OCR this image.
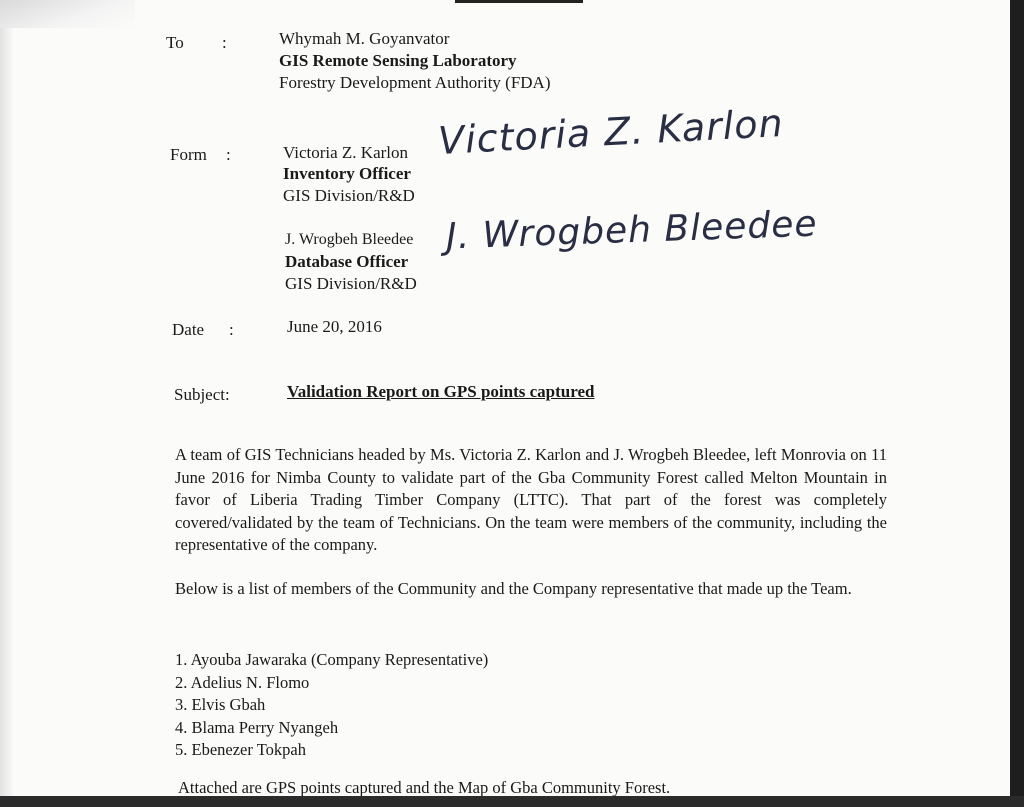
To :	Whymah M. Goyanvator
GIS Remote Sensing Laboratory
Forestry Development Authority (FDA)
Form :	Victoria Z. Karlon
Inventory Officer
GIS Division/R&D
Victoria Z. Karlon
J. Wrogbeh Bleedee
Database Officer
GIS Division/R&D
J. Wrogbeh Bleedee
Date :	June 20, 2016
Subject:	Validation Report on GPS points captured
A team of GIS Technicians headed by Ms. Victoria Z. Karlon and J. Wrogbeh Bleedee, left Monrovia on 11 June 2016 for Nimba County to validate part of the Gba Community Forest called Melton Mountain in favor of Liberia Trading Timber Company (LTTC). That part of the forest was completely covered/validated by the team of Technicians. On the team were members of the community, including the representative of the company.
Below is a list of members of the Community and the Company representative that made up the Team.
1. Ayouba Jawaraka (Company Representative)
2. Adelius N. Flomo
3. Elvis Gbah
4. Blama Perry Nyangeh
5. Ebenezer Tokpah
Attached are GPS points captured and the Map of Gba Community Forest.
